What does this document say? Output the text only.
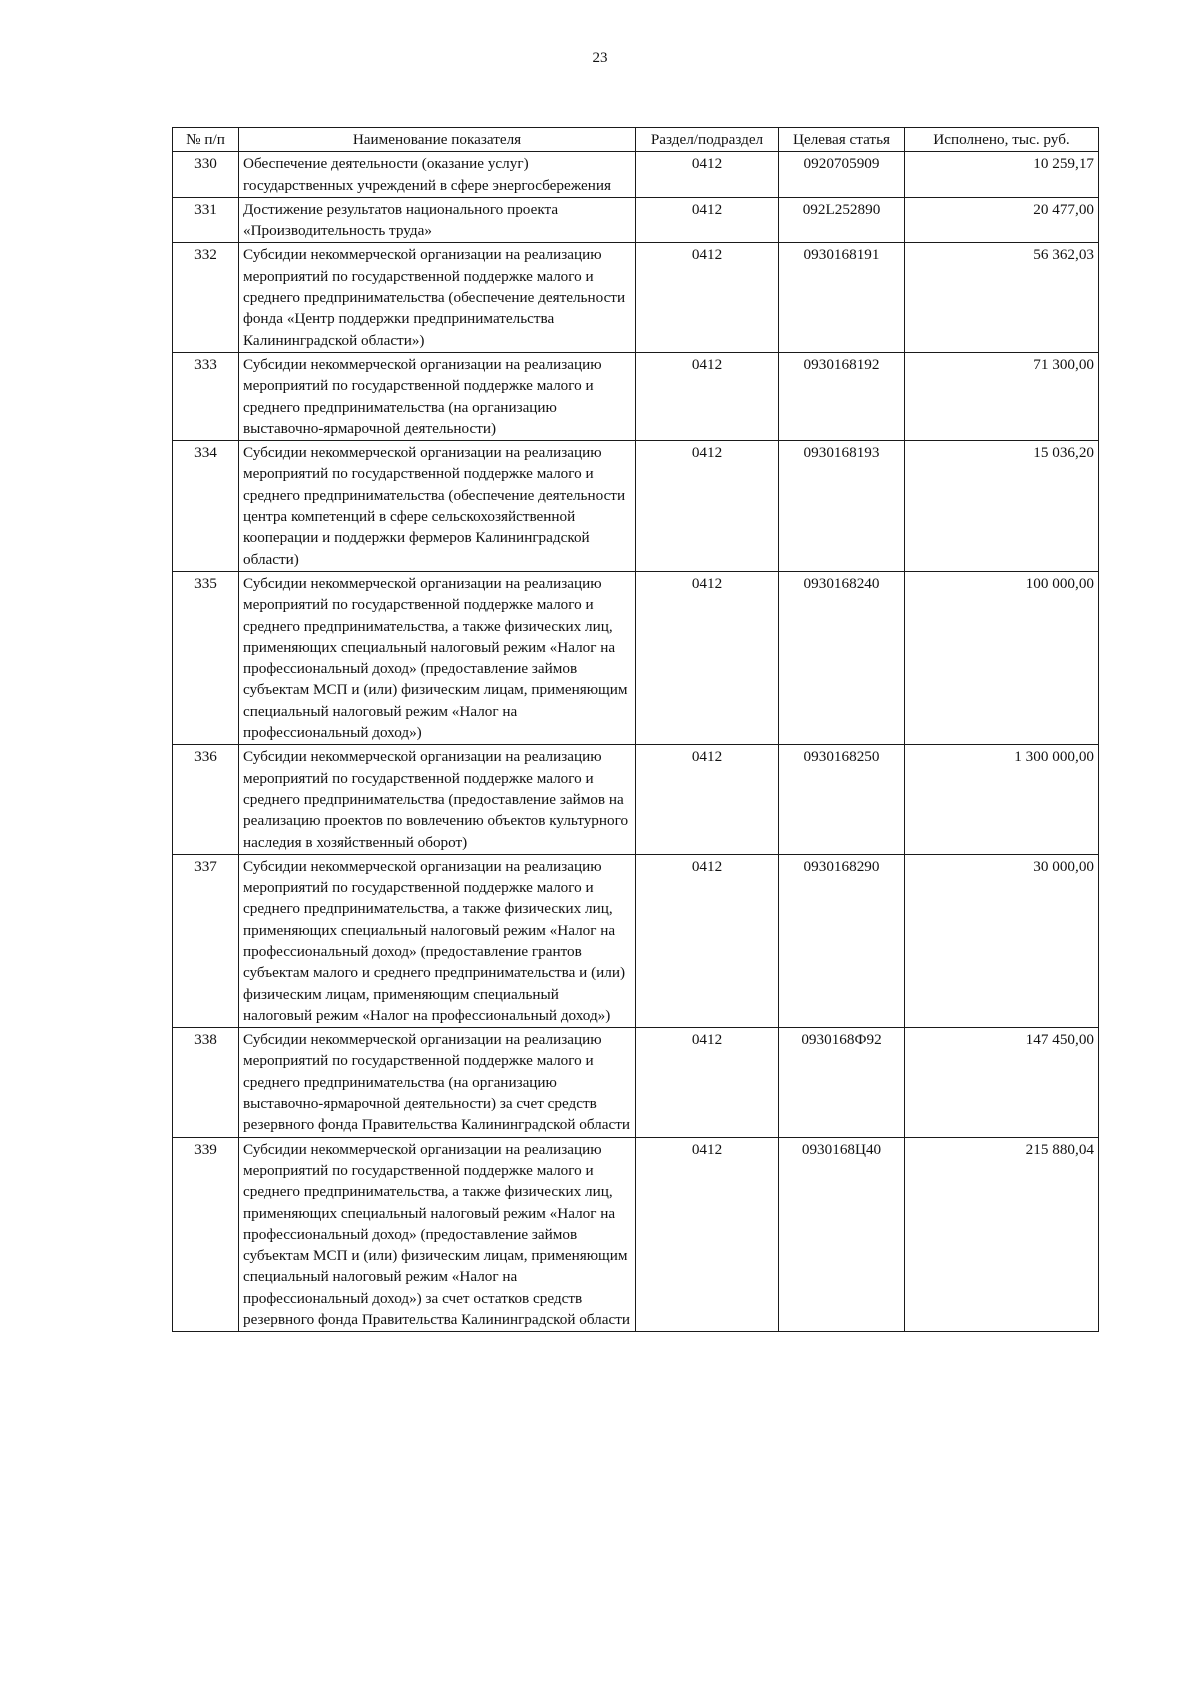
23
№ п/п	Наименование показателя	Раздел/подраздел	Целевая статья	Исполнено, тыс. руб.
330	Обеспечение деятельности (оказание услуг) государственных учреждений в сфере энергосбережения	0412	0920705909	10 259,17
331	Достижение результатов национального проекта «Производительность труда»	0412	092L252890	20 477,00
332	Субсидии некоммерческой организации на реализацию мероприятий по государственной поддержке малого и среднего предпринимательства (обеспечение деятельности фонда «Центр поддержки предпринимательства Калининградской области»)	0412	0930168191	56 362,03
333	Субсидии некоммерческой организации на реализацию мероприятий по государственной поддержке малого и среднего предпринимательства (на организацию выставочно-ярмарочной деятельности)	0412	0930168192	71 300,00
334	Субсидии некоммерческой организации на реализацию мероприятий по государственной поддержке малого и среднего предпринимательства (обеспечение деятельности центра компетенций в сфере сельскохозяйственной кооперации и поддержки фермеров Калининградской области)	0412	0930168193	15 036,20
335	Субсидии некоммерческой организации на реализацию мероприятий по государственной поддержке малого и среднего предпринимательства, а также физических лиц, применяющих специальный налоговый режим «Налог на профессиональный доход» (предоставление займов субъектам МСП и (или) физическим лицам, применяющим специальный налоговый режим «Налог на профессиональный доход»)	0412	0930168240	100 000,00
336	Субсидии некоммерческой организации на реализацию мероприятий по государственной поддержке малого и среднего предпринимательства (предоставление займов на реализацию проектов по вовлечению объектов культурного наследия в хозяйственный оборот)	0412	0930168250	1 300 000,00
337	Субсидии некоммерческой организации на реализацию мероприятий по государственной поддержке малого и среднего предпринимательства, а также физических лиц, применяющих специальный налоговый режим «Налог на профессиональный доход» (предоставление грантов субъектам малого и среднего предпринимательства и (или) физическим лицам, применяющим специальный налоговый режим «Налог на профессиональный доход»)	0412	0930168290	30 000,00
338	Субсидии некоммерческой организации на реализацию мероприятий по государственной поддержке малого и среднего предпринимательства (на организацию выставочно-ярмарочной деятельности) за счет средств резервного фонда Правительства Калининградской области	0412	0930168Ф92	147 450,00
339	Субсидии некоммерческой организации на реализацию мероприятий по государственной поддержке малого и среднего предпринимательства, а также физических лиц, применяющих специальный налоговый режим «Налог на профессиональный доход» (предоставление займов субъектам МСП и (или) физическим лицам, применяющим специальный налоговый режим «Налог на профессиональный доход») за счет остатков средств резервного фонда Правительства Калининградской области	0412	0930168Ц40	215 880,04
